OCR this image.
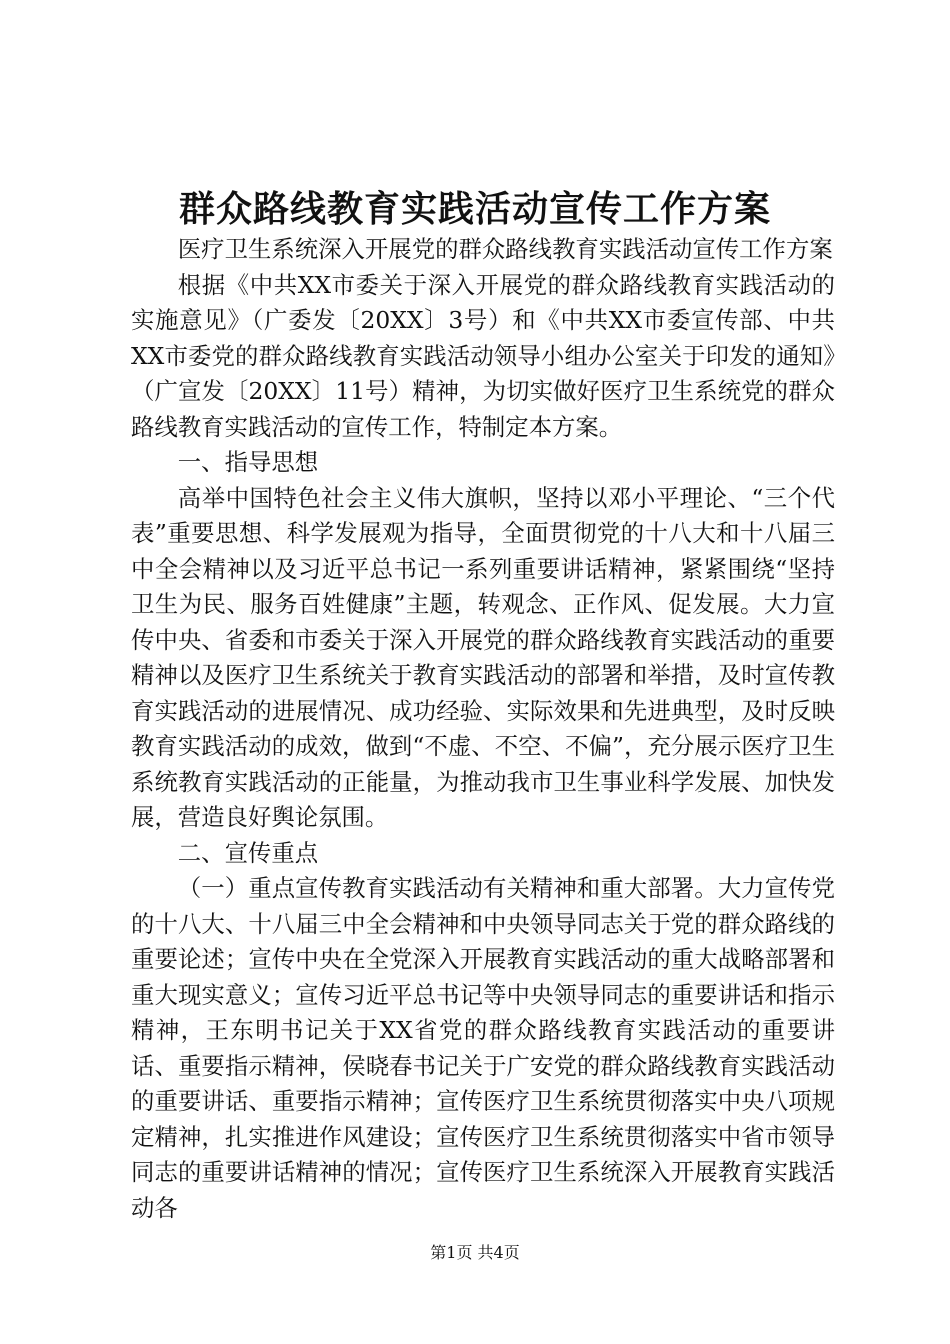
群众路线教育实践活动宣传工作方案

医疗卫生系统深入开展党的群众路线教育实践活动宣传工作方案

根据《中共XX市委关于深入开展党的群众路线教育实践活动的实施意见》（广委发〔20XX〕3号）和《中共XX市委宣传部、中共XX市委党的群众路线教育实践活动领导小组办公室关于印发的通知》（广宣发〔20XX〕11号）精神，为切实做好医疗卫生系统党的群众路线教育实践活动的宣传工作，特制定本方案。

一、指导思想

高举中国特色社会主义伟大旗帜，坚持以邓小平理论、“三个代表”重要思想、科学发展观为指导，全面贯彻党的十八大和十八届三中全会精神以及习近平总书记一系列重要讲话精神，紧紧围绕“坚持卫生为民、服务百姓健康”主题，转观念、正作风、促发展。大力宣传中央、省委和市委关于深入开展党的群众路线教育实践活动的重要精神以及医疗卫生系统关于教育实践活动的部署和举措，及时宣传教育实践活动的进展情况、成功经验、实际效果和先进典型，及时反映教育实践活动的成效，做到“不虚、不空、不偏”，充分展示医疗卫生系统教育实践活动的正能量，为推动我市卫生事业科学发展、加快发展，营造良好舆论氛围。

二、宣传重点

（一）重点宣传教育实践活动有关精神和重大部署。大力宣传党的十八大、十八届三中全会精神和中央领导同志关于党的群众路线的重要论述；宣传中央在全党深入开展教育实践活动的重大战略部署和重大现实意义；宣传习近平总书记等中央领导同志的重要讲话和指示精神，王东明书记关于XX省党的群众路线教育实践活动的重要讲话、重要指示精神，侯晓春书记关于广安党的群众路线教育实践活动的重要讲话、重要指示精神；宣传医疗卫生系统贯彻落实中央八项规定精神，扎实推进作风建设；宣传医疗卫生系统贯彻落实中省市领导同志的重要讲话精神的情况；宣传医疗卫生系统深入开展教育实践活动各

第1页 共4页
